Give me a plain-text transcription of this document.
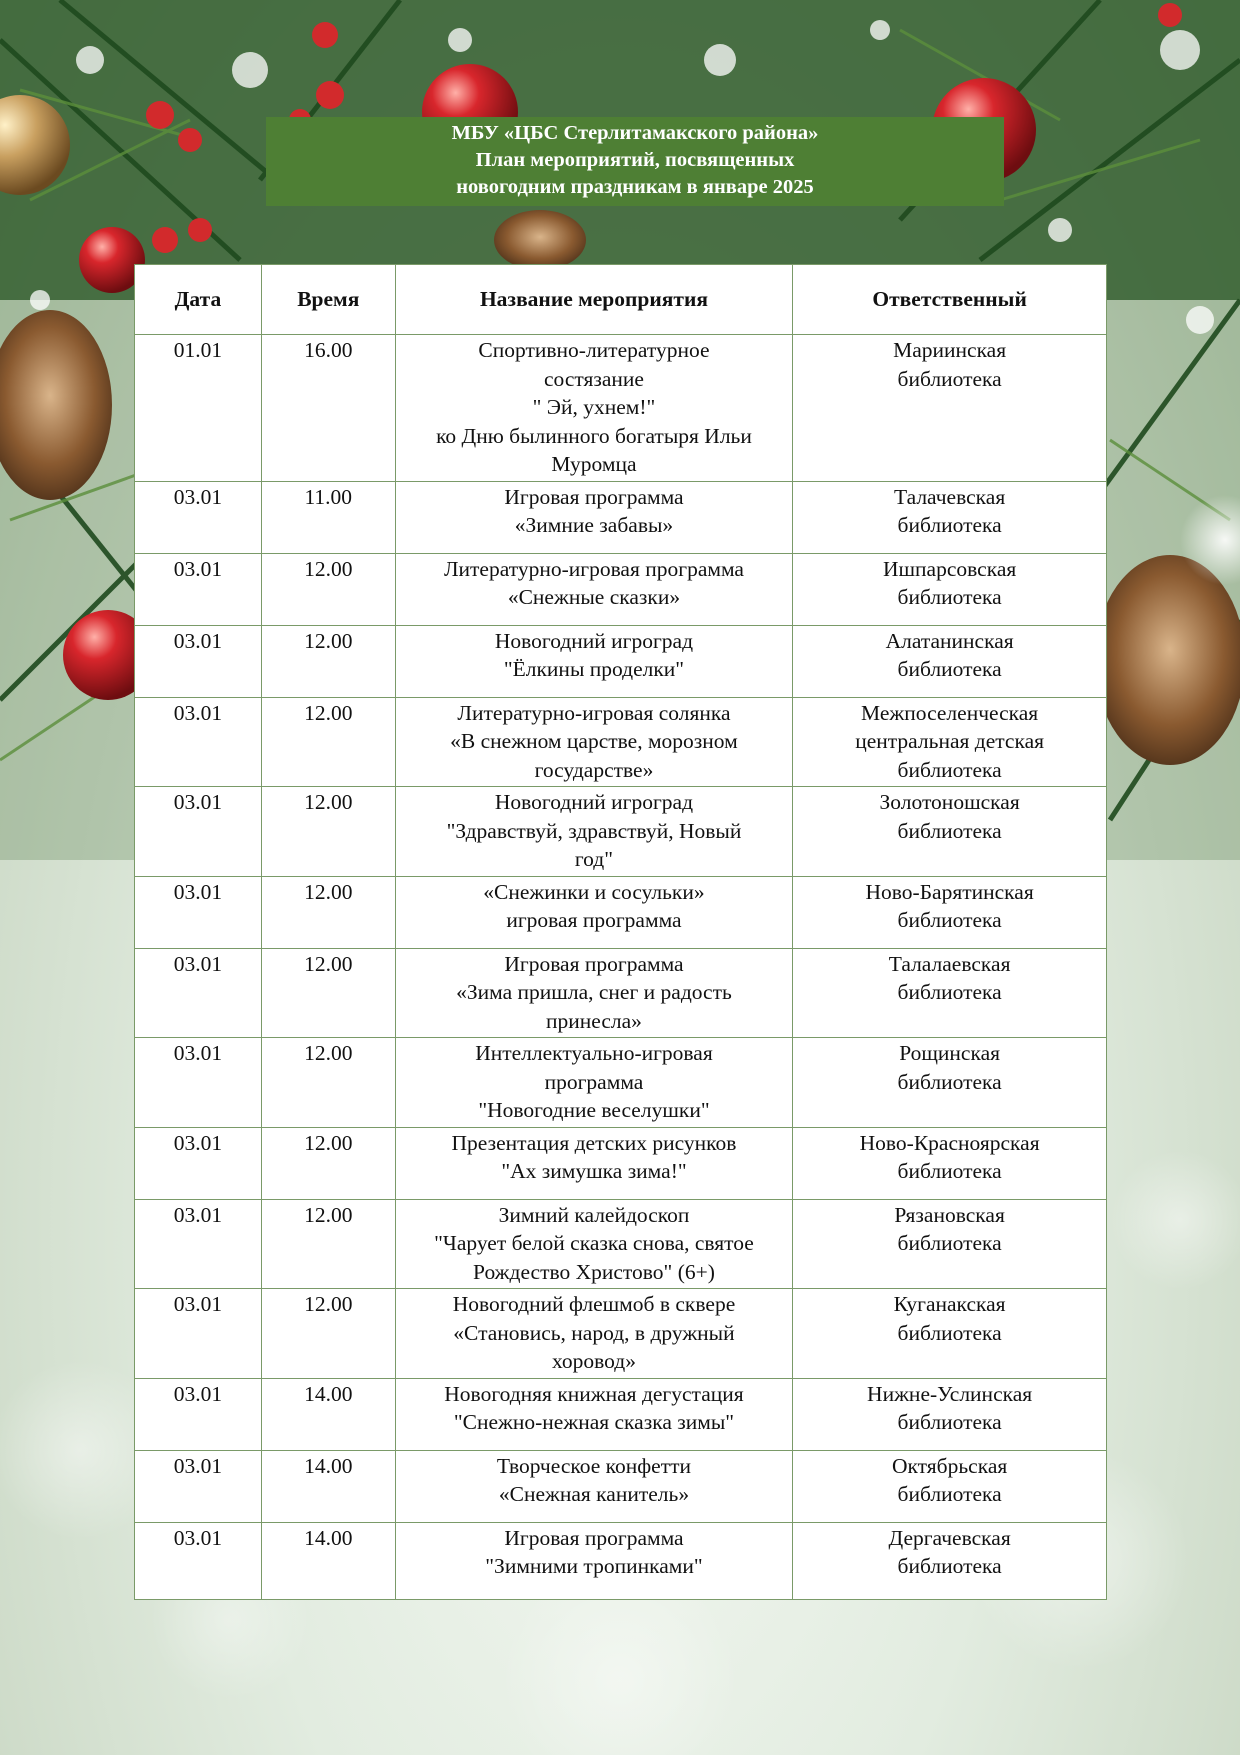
МБУ «ЦБС Стерлитамакского района»
План мероприятий, посвященных
новогодним праздникам в январе 2025
Дата	Время	Название мероприятия	Ответственный
01.01	16.00	Спортивно-литературное
состязание
" Эй, ухнем!"
ко Дню былинного богатыря Ильи
Муромца	Мариинская
библиотека

03.01	11.00	Игровая программа
«Зимние забавы»	Талачевская
библиотека

03.01	12.00	Литературно-игровая программа
«Снежные сказки»	Ишпарсовская
библиотека

03.01	12.00	Новогодний игроград
"Ёлкины проделки"	Алатанинская
библиотека

03.01	12.00	Литературно-игровая солянка
«В снежном царстве, морозном
государстве»	Межпоселенческая
центральная детская
библиотека

03.01	12.00	Новогодний игроград
"Здравствуй, здравствуй, Новый
год"	Золотоношская
библиотека

03.01	12.00	«Снежинки и сосульки»
игровая программа	Ново-Барятинская
библиотека

03.01	12.00	Игровая программа
«Зима пришла, снег и радость
принесла»	Талалаевская
библиотека

03.01	12.00	Интеллектуально-игровая
программа
"Новогодние веселушки"	Рощинская
библиотека

03.01	12.00	Презентация детских рисунков
"Ах зимушка зима!"	Ново-Красноярская
библиотека

03.01	12.00	Зимний калейдоскоп
"Чарует белой сказка снова, святое
Рождество Христово" (6+)	Рязановская
библиотека

03.01	12.00	Новогодний флешмоб в сквере
«Становись, народ, в дружный
хоровод»	Куганакская
библиотека

03.01	14.00	Новогодняя книжная дегустация
"Снежно-нежная сказка зимы"	Нижне-Услинская
библиотека

03.01	14.00	Творческое конфетти
«Снежная канитель»	Октябрьская
библиотека

03.01	14.00	Игровая программа
"Зимними тропинками"	Дергачевская
библиотека
